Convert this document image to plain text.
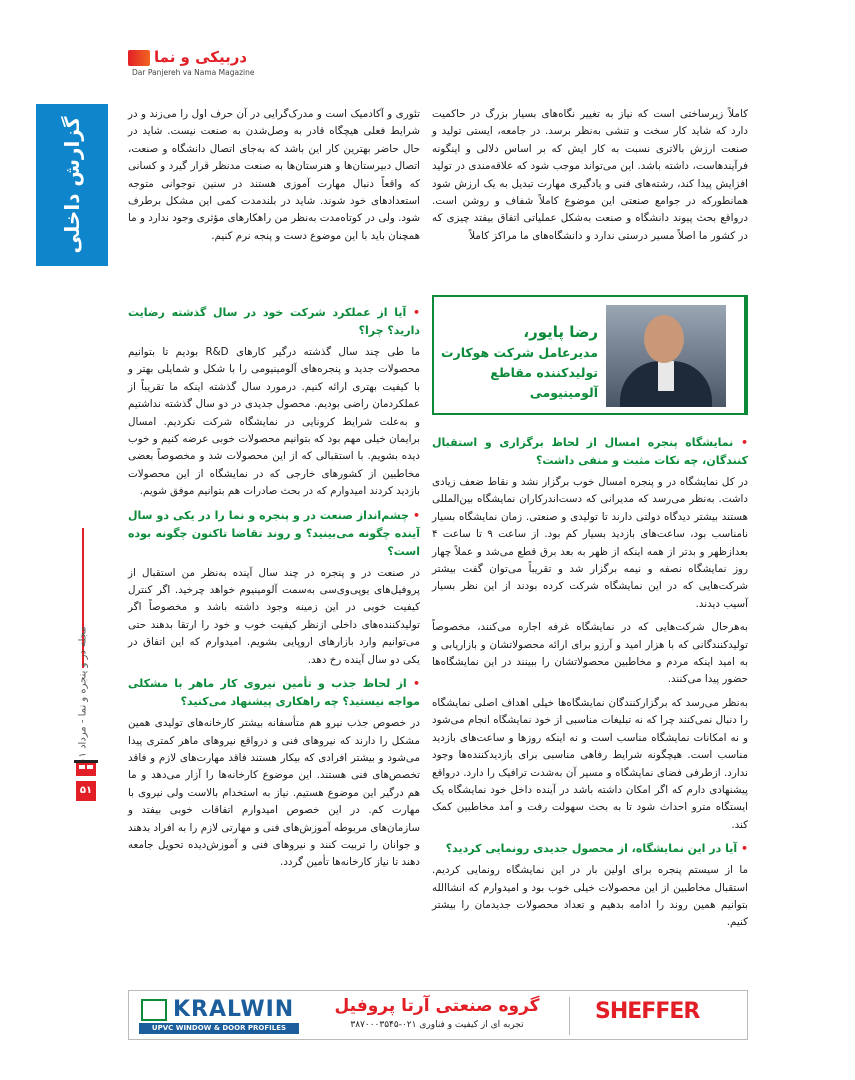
دربیکی و نما
Dar Panjereh va Nama Magazine
گزارش داخلی
مجله در و پنجره و نما - مرداد
۵۱

کاملاً زیرساختی است که نیاز به تغییر نگاه‌های بسیار بزرگ در حاکمیت دارد که شاید کار سخت و تنشی به‌نظر برسد. در جامعه، ایستی تولید و صنعت ارزش بالاتری نسبت به کار ایش که بر اساس دلالی و اینگونه فرآیندهاست، داشته باشد. این می‌تواند موجب شود که علاقه‌مندی در تولید افزایش پیدا کند، رشته‌های فنی و یادگیری مهارت تبدیل به یک ارزش شود همانطورکه در جوامع صنعتی این موضوع کاملاً شفاف و روشن است. درواقع بحث پیوند دانشگاه و صنعت به‌شکل عملیاتی اتفاق بیفتد چیزی که در کشور ما اصلاً مسیر درستی ندارد و دانشگاه‌های ما مراکز کاملاً

تئوری و آکادمیک است و مدرک‌گرایی در آن حرف اول را می‌زند و در شرایط فعلی هیچگاه قادر به وصل‌شدن به صنعت نیست. شاید در حال حاضر بهترین کار این باشد که به‌جای اتصال دانشگاه و صنعت، اتصال دبیرستان‌ها و هنرستان‌ها به صنعت مدنظر قرار گیرد و کسانی که واقعاً دنبال مهارت آموزی هستند در سنین نوجوانی متوجه استعدادهای خود شوند. شاید در بلندمدت کمی این مشکل برطرف شود. ولی در کوتاه‌مدت به‌نظر من راهکارهای مؤثری وجود ندارد و ما همچنان باید با این موضوع دست و پنجه نرم کنیم.

رضا پایور،
مدیرعامل شرکت هوکارت
تولیدکننده مقاطع آلومینیومی
• نمایشگاه پنجره امسال از لحاظ برگزاری و استقبال کنندگان، چه نکات مثبت و منفی داشت؟

در کل نمایشگاه در و پنجره امسال خوب برگزار نشد و نقاط ضعف زیادی داشت. به‌نظر می‌رسد که مدیرانی که دست‌اندرکاران نمایشگاه بین‌المللی هستند بیشتر دیدگاه دولتی دارند تا تولیدی و صنعتی. زمان نمایشگاه بسیار نامناسب بود، ساعت‌های بازدید بسیار کم بود. از ساعت ۹ تا ساعت ۴ بعدازظهر و بدتر از همه اینکه از ظهر به بعد برق قطع می‌شد و عملاً چهار روز نمایشگاه نصفه و نیمه برگزار شد و تقریباً می‌توان گفت بیشتر شرکت‌هایی که در این نمایشگاه شرکت کرده بودند از این نظر بسیار آسیب دیدند.

به‌هرحال شرکت‌هایی که در نمایشگاه غرفه اجاره می‌کنند، مخصوصاً تولیدکنندگانی که با هزار امید و آرزو برای ارائه محصولاتشان و بازاریابی و به امید اینکه مردم و مخاطبین محصولاتشان را ببینند در این نمایشگاه‌ها حضور پیدا می‌کنند.

به‌نظر می‌رسد که برگزارکنندگان نمایشگاه‌ها خیلی اهداف اصلی نمایشگاه را دنبال نمی‌کنند چرا که نه تبلیغات مناسبی از خود نمایشگاه انجام می‌شود و نه امکانات نمایشگاه مناسب است و نه اینکه روزها و ساعت‌های بازدید مناسب است. هیچگونه شرایط رفاهی مناسبی برای بازدیدکننده‌ها وجود ندارد. ازطرفی فضای نمایشگاه و مسیر آن به‌شدت ترافیک را دارد. درواقع پیشنهادی دارم که اگر امکان داشته باشد در آینده داخل خود نمایشگاه یک ایستگاه مترو احداث شود تا به بحث سهولت رفت و آمد مخاطبین کمک کند.

• آیا در این نمایشگاه، از محصول جدیدی رونمایی کردید؟

ما از سیستم پنجره برای اولین بار در این نمایشگاه رونمایی کردیم. استقبال مخاطبین از این محصولات خیلی خوب بود و امیدوارم که انشاالله بتوانیم همین روند را ادامه بدهیم و تعداد محصولات جدیدمان را بیشتر کنیم.

• آیا از عملکرد شرکت خود در سال گذشته رضایت دارید؟ چرا؟

ما طی چند سال گذشته درگیر کارهای R&D بودیم تا بتوانیم محصولات جدید و پنجره‌های آلومینیومی را با شکل و شمایلی بهتر و با کیفیت بهتری ارائه کنیم. درمورد سال گذشته اینکه ما تقریباً از عملکردمان راضی بودیم. محصول جدیدی در دو سال گذشته نداشتیم و به‌علت شرایط کرونایی در نمایشگاه شرکت نکردیم. امسال برایمان خیلی مهم بود که بتوانیم محصولات خوبی عرضه کنیم و خوب دیده بشویم. با استقبالی که از این محصولات شد و مخصوصاً بعضی مخاطبین از کشورهای خارجی که در نمایشگاه از این محصولات بازدید کردند امیدوارم که در بحث صادرات هم بتوانیم موفق شویم.

• چشم‌انداز صنعت در و پنجره و نما را در یکی دو سال آینده چگونه می‌بینید؟ و روند تقاضا تاکنون چگونه بوده است؟

در صنعت در و پنجره در چند سال آینده به‌نظر من استقبال از پروفیل‌های یو‌پی‌وی‌سی به‌سمت آلومینیوم خواهد چرخید. اگر کنترل کیفیت خوبی در این زمینه وجود داشته باشد و مخصوصاً اگر تولیدکننده‌های داخلی ازنظر کیفیت خوب و خود را ارتقا بدهند حتی می‌توانیم وارد بازارهای اروپایی بشویم. امیدوارم که این اتفاق در یکی دو سال آینده رخ دهد.

• از لحاظ جذب و تأمین نیروی کار ماهر با مشکلی مواجه نیستید؟ چه راهکاری پیشنهاد می‌کنید؟

در خصوص جذب نیرو هم متأسفانه بیشتر کارخانه‌های تولیدی همین مشکل را دارند که نیروهای فنی و درواقع نیروهای ماهر کمتری پیدا می‌شود و بیشتر افرادی که بیکار هستند فاقد مهارت‌های لازم و فاقد تخصص‌های فنی هستند. این موضوع کارخانه‌ها را آزار می‌دهد و ما هم درگیر این موضوع هستیم. نیاز به استخدام بالاست ولی نیروی با مهارت کم. در این خصوص امیدوارم اتفاقات خوبی بیفتد و سازمان‌های مربوطه آموزش‌های فنی و مهارتی لازم را به افراد بدهند و جوانان را تربیت کنند و نیروهای فنی و آموزش‌دیده تحویل جامعه دهند تا نیاز کارخانه‌ها تأمین گردد.

KRALWIN
UPVC WINDOW & DOOR PROFILES
گروه صنعتی آرتا پروفیل
تجربه ای از کیفیت و فناوری ۰۲۱-۳۸۷۰۰۰۳۵۴۵
SHEFFER
